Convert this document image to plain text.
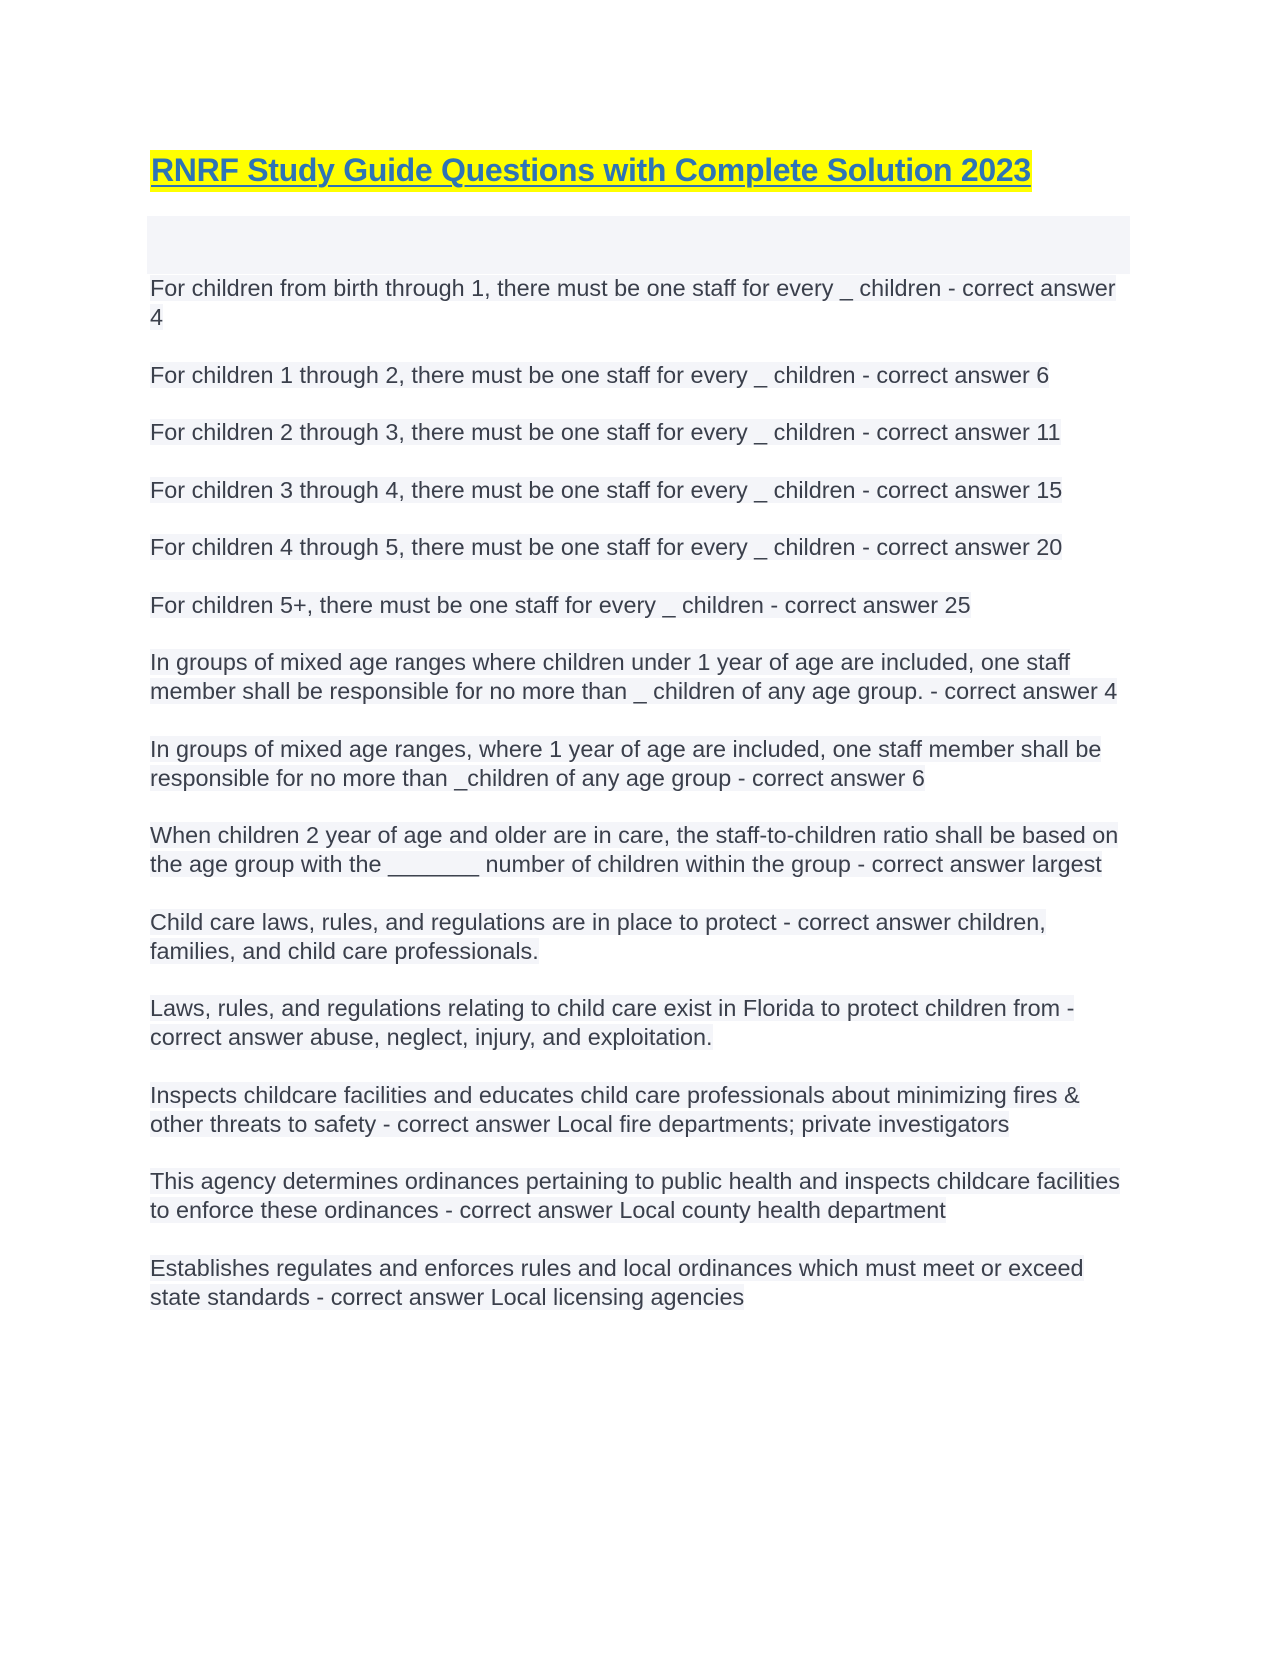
RNRF Study Guide Questions with Complete Solution 2023
For children from birth through 1, there must be one staff for every _ children - correct answer 4
For children 1 through 2, there must be one staff for every _ children - correct answer 6
For children 2 through 3, there must be one staff for every _ children - correct answer 11
For children 3 through 4, there must be one staff for every _ children - correct answer 15
For children 4 through 5, there must be one staff for every _ children - correct answer 20
For children 5+, there must be one staff for every _ children - correct answer 25
In groups of mixed age ranges where children under 1 year of age are included, one staff member shall be responsible for no more than _ children of any age group. - correct answer 4
In groups of mixed age ranges, where 1 year of age are included, one staff member shall be responsible for no more than _children of any age group - correct answer 6
When children 2 year of age and older are in care, the staff-to-children ratio shall be based on the age group with the _______ number of children within the group - correct answer largest
Child care laws, rules, and regulations are in place to protect - correct answer children, families, and child care professionals.
Laws, rules, and regulations relating to child care exist in Florida to protect children from - correct answer abuse, neglect, injury, and exploitation.
Inspects childcare facilities and educates child care professionals about minimizing fires & other threats to safety - correct answer Local fire departments; private investigators
This agency determines ordinances pertaining to public health and inspects childcare facilities to enforce these ordinances - correct answer Local county health department
Establishes regulates and enforces rules and local ordinances which must meet or exceed state standards - correct answer Local licensing agencies
